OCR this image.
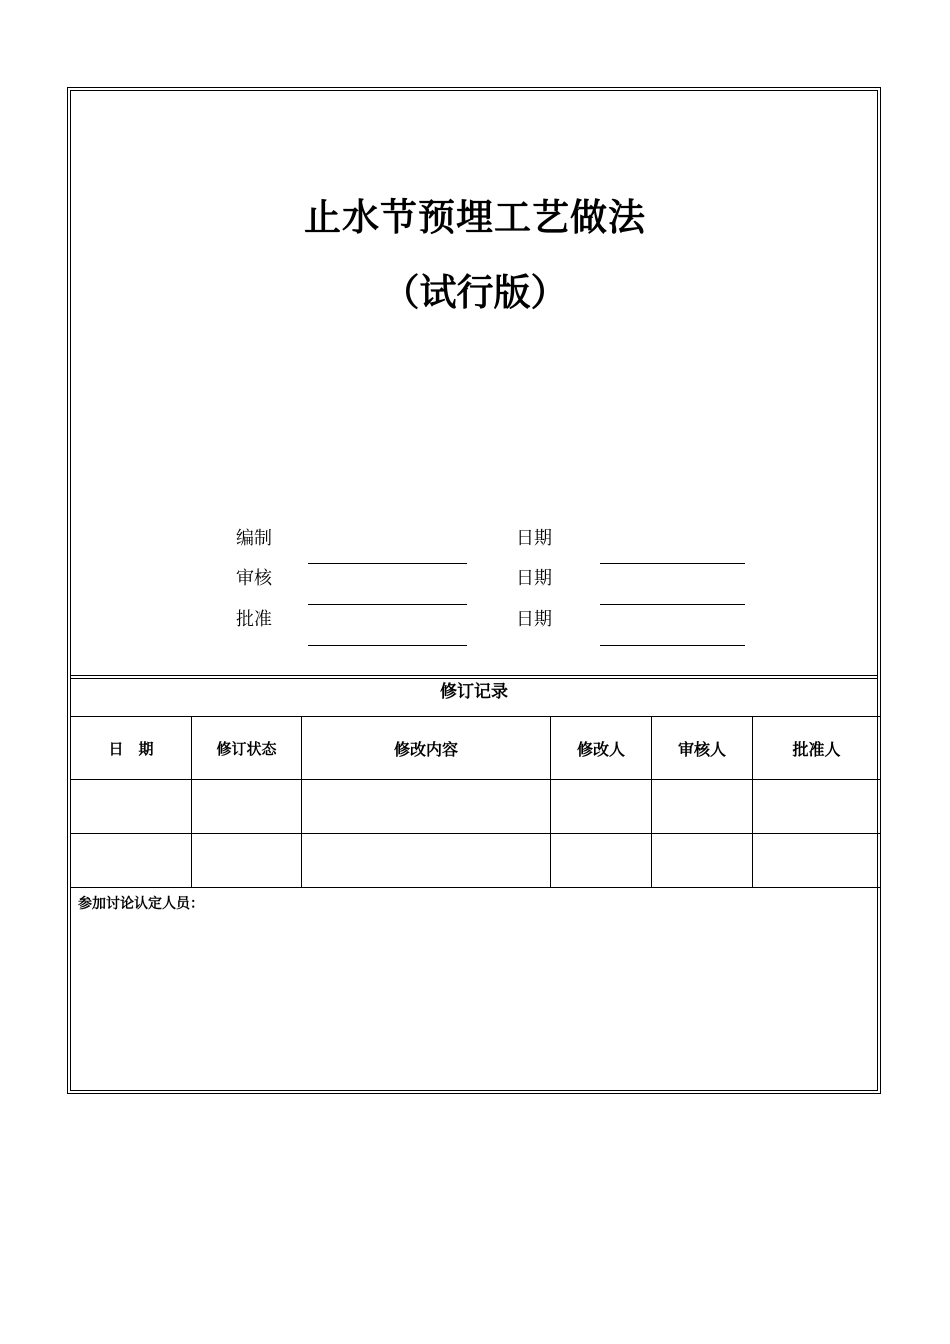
止水节预埋工艺做法
（试行版）
编制	日期
审核	日期
批准	日期
修订记录
日　期	修订状态	修改内容	修改人	审核人	批准人

参加讨论认定人员：
